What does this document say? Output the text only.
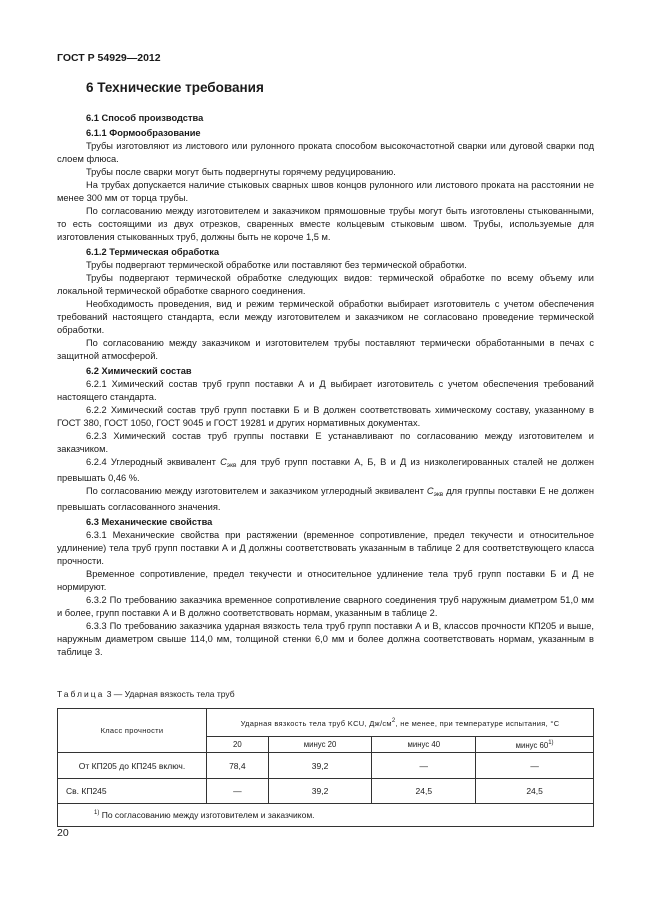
ГОСТ Р 54929—2012
6 Технические требования

6.1 Способ производства

6.1.1 Формообразование

Трубы изготовляют из листового или рулонного проката способом высокочастотной сварки или дуговой сварки под слоем флюса.

Трубы после сварки могут быть подвергнуты горячему редуцированию.

На трубах допускается наличие стыковых сварных швов концов рулонного или листового проката на расстоянии не менее 300 мм от торца трубы.

По согласованию между изготовителем и заказчиком прямошовные трубы могут быть изготовлены стыкованными, то есть состоящими из двух отрезков, сваренных вместе кольцевым стыковым швом. Трубы, используемые для изготовления стыкованных труб, должны быть не короче 1,5 м.

6.1.2 Термическая обработка

Трубы подвергают термической обработке или поставляют без термической обработки.

Трубы подвергают термической обработке следующих видов: термической обработке по всему объему или локальной термической обработке сварного соединения.

Необходимость проведения, вид и режим термической обработки выбирает изготовитель с учетом обеспечения требований настоящего стандарта, если между изготовителем и заказчиком не согласовано проведение термической обработки.

По согласованию между заказчиком и изготовителем трубы поставляют термически обработанными в печах с защитной атмосферой.

6.2 Химический состав

6.2.1 Химический состав труб групп поставки А и Д выбирает изготовитель с учетом обеспечения требований настоящего стандарта.

6.2.2 Химический состав труб групп поставки Б и В должен соответствовать химическому составу, указанному в ГОСТ 380, ГОСТ 1050, ГОСТ 9045 и ГОСТ 19281 и других нормативных документах.

6.2.3 Химический состав труб группы поставки Е устанавливают по согласованию между изготовителем и заказчиком.

6.2.4 Углеродный эквивалент $С_{экв}$ для труб групп поставки А, Б, В и Д из низколегированных сталей не должен превышать 0,46 %.

По согласованию между изготовителем и заказчиком углеродный эквивалент $С_{экв}$ для группы поставки Е не должен превышать согласованного значения.

6.3 Механические свойства

6.3.1 Механические свойства при растяжении (временное сопротивление, предел текучести и относительное удлинение) тела труб групп поставки А и Д должны соответствовать указанным в таблице 2 для соответствующего класса прочности.

Временное сопротивление, предел текучести и относительное удлинение тела труб групп поставки Б и Д не нормируют.

6.3.2 По требованию заказчика временное сопротивление сварного соединения труб наружным диаметром 51,0 мм и более, групп поставки А и В должно соответствовать нормам, указанным в таблице 2.

6.3.3 По требованию заказчика ударная вязкость тела труб групп поставки А и В, классов прочности КП205 и выше, наружным диаметром свыше 114,0 мм, толщиной стенки 6,0 мм и более должна соответствовать нормам, указанным в таблице 3.

Таблица 3 — Ударная вязкость тела труб
Класс прочности	Ударная вязкость тела труб KCU, $Дж/см^2$, не менее, при температуре испытания, °С			
	20	минус 20	минус 40	минус 60$^{1)}$
От КП205 до КП245 включ.	78,4	39,2	—	—
Св. КП245	—	39,2	24,5	24,5
$^{1)}$ По согласованию между изготовителем и заказчиком.				
20
